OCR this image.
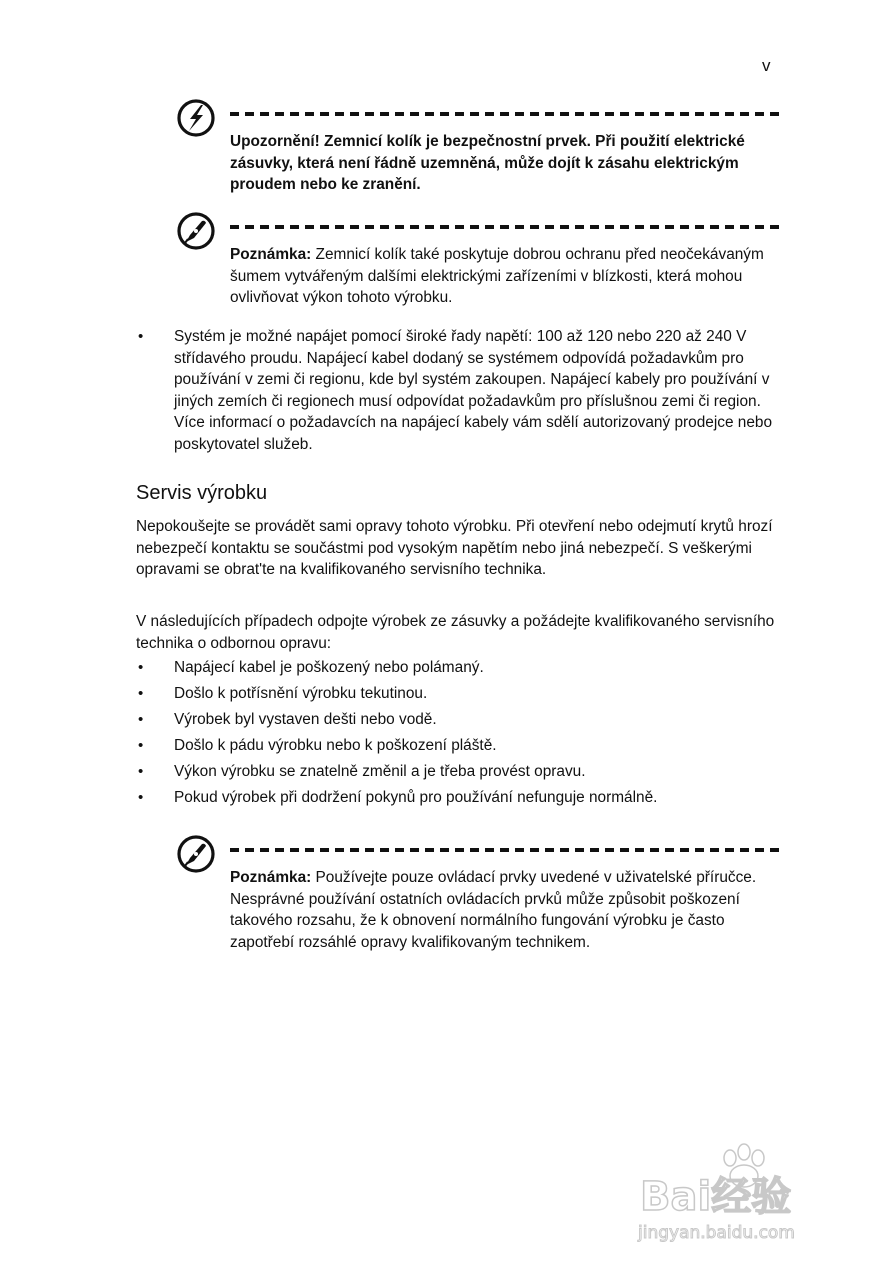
v
Upozornění! Zemnicí kolík je bezpečnostní prvek. Při použití elektrické zásuvky, která není řádně uzemněná, může dojít k zásahu elektrickým proudem nebo ke zranění.
Poznámka: Zemnicí kolík také poskytuje dobrou ochranu před neočekávaným šumem vytvářeným dalšími elektrickými zařízeními v blízkosti, která mohou ovlivňovat výkon tohoto výrobku.
• Systém je možné napájet pomocí široké řady napětí: 100 až 120 nebo 220 až 240 V střídavého proudu. Napájecí kabel dodaný se systémem odpovídá požadavkům pro používání v zemi či regionu, kde byl systém zakoupen. Napájecí kabely pro používání v jiných zemích či regionech musí odpovídat požadavkům pro příslušnou zemi či region. Více informací o požadavcích na napájecí kabely vám sdělí autorizovaný prodejce nebo poskytovatel služeb.
Servis výrobku
Nepokoušejte se provádět sami opravy tohoto výrobku. Při otevření nebo odejmutí krytů hrozí nebezpečí kontaktu se součástmi pod vysokým napětím nebo jiná nebezpečí. S veškerými opravami se obrat'te na kvalifikovaného servisního technika.
V následujících případech odpojte výrobek ze zásuvky a požádejte kvalifikovaného servisního technika o odbornou opravu:
• Napájecí kabel je poškozený nebo polámaný.
• Došlo k potřísnění výrobku tekutinou.
• Výrobek byl vystaven dešti nebo vodě.
• Došlo k pádu výrobku nebo k poškození pláště.
• Výkon výrobku se znatelně změnil a je třeba provést opravu.
• Pokud výrobek při dodržení pokynů pro používání nefunguje normálně.
Poznámka: Používejte pouze ovládací prvky uvedené v uživatelské příručce. Nesprávné používání ostatních ovládacích prvků může způsobit poškození takového rozsahu, že k obnovení normálního fungování výrobku je často zapotřebí rozsáhlé opravy kvalifikovaným technikem.
Bai经验
jingyan.baidu.com
